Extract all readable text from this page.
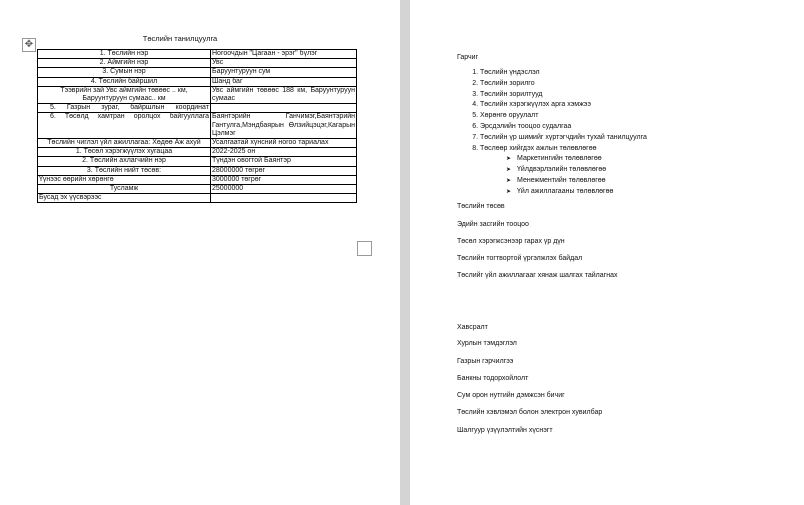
Төслийн танилцуулга
✥
1. Төслийн нэр	Ногоочдын "Цагаан - эрэг" бүлэг
2. Аймгийн нэр	Увс
3. Сумын нэр	Баруунтуруун сум
4. Төслийн байршил	Шанд баг
Тээврийн зай Увс аймгийн төвөөс .. км, Баруунтуруун сумаас.. км	Увс аймгийн төвөөс 188 км, Баруунтуруун сумаас
5. Газрын зураг, байршлын координат	
6. Төсөлд хамтран оролцох байгууллага	Баянтэрийн Ганчимэг,Баянтэрийн Гантулга,Мэндбаярын Өлзийцэцэг,Кагарын Цэлмэг
Төслийн чиглэл үйл ажиллагаа: Хөдөө Аж ахуй	Усалгаатай хүнсний ногоо тариалах
1. Төсөл хэрэгжүүлэх хугацаа	2022-2025 он
2. Төслийн ахлагчийн нэр	Түндэн овогтой Баянтэр
3. Төслийн нийт төсөв:	28000000 төгрөг
Үүнээс өөрийн хөрөнгө	3000000 төгрөг
Тусламж	25000000
Бусад эх үүсвэрээс	
Гарчиг
1. Төслийн үндэслэл
2. Төслийн зорилго
3. Төслийн зорилтууд
4. Төслийн хэрэгжүүлэх арга хэмжээ
5. Хөрөнгө оруулалт
6. Эрсдэлийн тооцоо судалгаа
7. Төслийн үр шимийг хүртэгчдийн тухай танилцуулга
8. Төслөөр хийгдэх ажлын төлөвлөгөө
➤ Маркетингийн төлөвлөгөө
➤ Үйлдвэрлэлийн төлөвлөгөө
➤ Менежментийн төлөвлөгөө
➤ Үйл ажиллагааны төлөвлөгөө
Төслийн төсөв
Эдийн засгийн тооцоо
Төсөл хэрэгжсэнээр гарах үр дүн
Төслийн тогтвортой үргэлжлэх байдал
Төслийг үйл ажиллагааг хянаж шалгах тайлагнах
Хавсралт
Хурлын тэмдэглэл
Газрын гэрчилгээ
Банкны тодорхойлолт
Сум орон нутгийн дэмжсэн бичиг
Төслийн хэвлэмэл болон электрон хувилбар
Шалгуур үзүүлэлтийн хүснэгт
